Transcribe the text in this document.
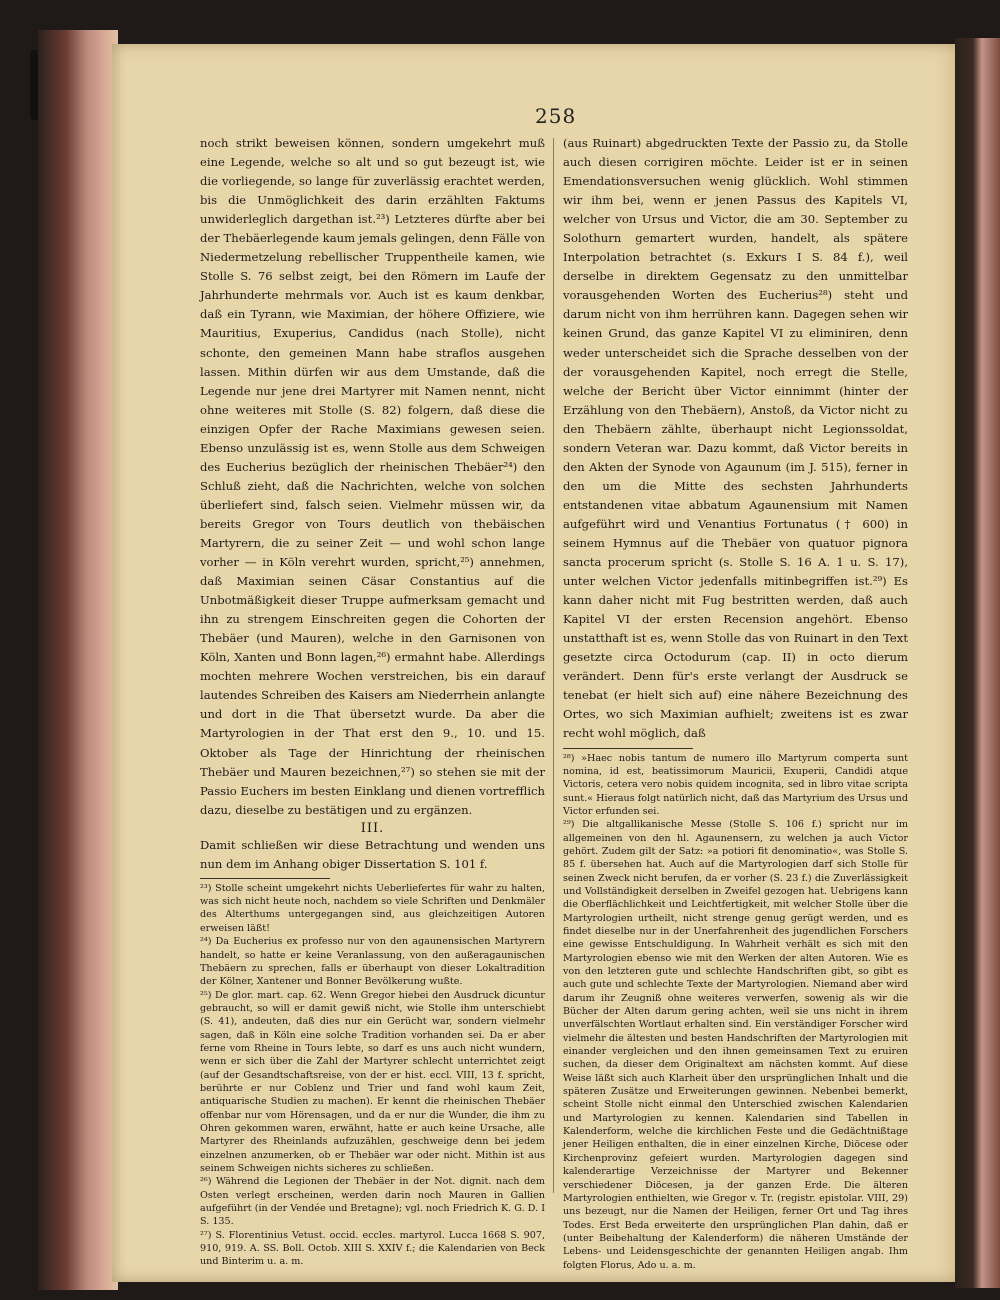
258

noch strikt beweisen können, sondern umgekehrt muß eine Legende, welche so alt und so gut bezeugt ist, wie die vorliegende, so lange für zuverlässig erachtet werden, bis die Unmöglichkeit des darin erzählten Faktums unwiderleglich dargethan ist.²³) Letzteres dürfte aber bei der Thebäerlegende kaum jemals gelingen, denn Fälle von Niedermetzelung rebellischer Truppentheile kamen, wie Stolle S. 76 selbst zeigt, bei den Römern im Laufe der Jahrhunderte mehrmals vor. Auch ist es kaum denkbar, daß ein Tyrann, wie Maximian, der höhere Offiziere, wie Mauritius, Exuperius, Candidus (nach Stolle), nicht schonte, den gemeinen Mann habe straflos ausgehen lassen. Mithin dürfen wir aus dem Umstande, daß die Legende nur jene drei Martyrer mit Namen nennt, nicht ohne weiteres mit Stolle (S. 82) folgern, daß diese die einzigen Opfer der Rache Maximians gewesen seien. Ebenso unzulässig ist es, wenn Stolle aus dem Schweigen des Eucherius bezüglich der rheinischen Thebäer²⁴) den Schluß zieht, daß die Nachrichten, welche von solchen überliefert sind, falsch seien. Vielmehr müssen wir, da bereits Gregor von Tours deutlich von thebäischen Martyrern, die zu seiner Zeit — und wohl schon lange vorher — in Köln verehrt wurden, spricht,²⁵) annehmen, daß Maximian seinen Cäsar Constantius auf die Unbotmäßigkeit dieser Truppe aufmerksam gemacht und ihn zu strengem Einschreiten gegen die Cohorten der Thebäer (und Mauren), welche in den Garnisonen von Köln, Xanten und Bonn lagen,²⁶) ermahnt habe. Allerdings mochten mehrere Wochen verstreichen, bis ein darauf lautendes Schreiben des Kaisers am Niederrhein anlangte und dort in die That übersetzt wurde. Da aber die Martyrologien in der That erst den 9., 10. und 15. Oktober als Tage der Hinrichtung der rheinischen Thebäer und Mauren bezeichnen,²⁷) so stehen sie mit der Passio Euchers im besten Einklang und dienen vortrefflich dazu, dieselbe zu bestätigen und zu ergänzen.

III.

Damit schließen wir diese Betrachtung und wenden uns nun dem im Anhang obiger Dissertation S. 101 f.

²³) Stolle scheint umgekehrt nichts Ueberliefertes für wahr zu halten, was sich nicht heute noch, nachdem so viele Schriften und Denkmäler des Alterthums untergegangen sind, aus gleichzeitigen Autoren erweisen läßt!

²⁴) Da Eucherius ex professo nur von den agaunensischen Martyrern handelt, so hatte er keine Veranlassung, von den außeragaunischen Thebäern zu sprechen, falls er überhaupt von dieser Lokaltradition der Kölner, Xantener und Bonner Bevölkerung wußte.

²⁵) De glor. mart. cap. 62. Wenn Gregor hiebei den Ausdruck dicuntur gebraucht, so will er damit gewiß nicht, wie Stolle ihm unterschiebt (S. 41), andeuten, daß dies nur ein Gerücht war, sondern vielmehr sagen, daß in Köln eine solche Tradition vorhanden sei. Da er aber ferne vom Rheine in Tours lebte, so darf es uns auch nicht wundern, wenn er sich über die Zahl der Martyrer schlecht unterrichtet zeigt (auf der Gesandtschaftsreise, von der er hist. eccl. VIII, 13 f. spricht, berührte er nur Coblenz und Trier und fand wohl kaum Zeit, antiquarische Studien zu machen). Er kennt die rheinischen Thebäer offenbar nur vom Hörensagen, und da er nur die Wunder, die ihm zu Ohren gekommen waren, erwähnt, hatte er auch keine Ursache, alle Martyrer des Rheinlands aufzuzählen, geschweige denn bei jedem einzelnen anzumerken, ob er Thebäer war oder nicht. Mithin ist aus seinem Schweigen nichts sicheres zu schließen.

²⁶) Während die Legionen der Thebäer in der Not. dignit. nach dem Osten verlegt erscheinen, werden darin noch Mauren in Gallien aufgeführt (in der Vendée und Bretagne); vgl. noch Friedrich K. G. D. I S. 135.

²⁷) S. Florentinius Vetust. occid. eccles. martyrol. Lucca 1668 S. 907, 910, 919. A. SS. Boll. Octob. XIII S. XXIV f.; die Kalendarien von Beck und Binterim u. a. m.

(aus Ruinart) abgedruckten Texte der Passio zu, da Stolle auch diesen corrigiren möchte. Leider ist er in seinen Emendationsversuchen wenig glücklich. Wohl stimmen wir ihm bei, wenn er jenen Passus des Kapitels VI, welcher von Ursus und Victor, die am 30. September zu Solothurn gemartert wurden, handelt, als spätere Interpolation betrachtet (s. Exkurs I S. 84 f.), weil derselbe in direktem Gegensatz zu den unmittelbar vorausgehenden Worten des Eucherius²⁸) steht und darum nicht von ihm herrühren kann. Dagegen sehen wir keinen Grund, das ganze Kapitel VI zu eliminiren, denn weder unterscheidet sich die Sprache desselben von der der vorausgehenden Kapitel, noch erregt die Stelle, welche der Bericht über Victor einnimmt (hinter der Erzählung von den Thebäern), Anstoß, da Victor nicht zu den Thebäern zählte, überhaupt nicht Legionssoldat, sondern Veteran war. Dazu kommt, daß Victor bereits in den Akten der Synode von Agaunum (im J. 515), ferner in den um die Mitte des sechsten Jahrhunderts entstandenen vitae abbatum Agaunensium mit Namen aufgeführt wird und Venantius Fortunatus († 600) in seinem Hymnus auf die Thebäer von quatuor pignora sancta procerum spricht (s. Stolle S. 16 A. 1 u. S. 17), unter welchen Victor jedenfalls mitinbegriffen ist.²⁹) Es kann daher nicht mit Fug bestritten werden, daß auch Kapitel VI der ersten Recension angehört. Ebenso unstatthaft ist es, wenn Stolle das von Ruinart in den Text gesetzte circa Octodurum (cap. II) in octo dierum verändert. Denn für's erste verlangt der Ausdruck se tenebat (er hielt sich auf) eine nähere Bezeichnung des Ortes, wo sich Maximian aufhielt; zweitens ist es zwar recht wohl möglich, daß

²⁸) »Haec nobis tantum de numero illo Martyrum comperta sunt nomina, id est, beatissimorum Mauricii, Exuperii, Candidi atque Victoris, cetera vero nobis quidem incognita, sed in libro vitae scripta sunt.« Hieraus folgt natürlich nicht, daß das Martyrium des Ursus und Victor erfunden sei.

²⁹) Die altgallikanische Messe (Stolle S. 106 f.) spricht nur im allgemeinen von den hl. Agaunensern, zu welchen ja auch Victor gehört. Zudem gilt der Satz: »a potiori fit denominatio«, was Stolle S. 85 f. übersehen hat. Auch auf die Martyrologien darf sich Stolle für seinen Zweck nicht berufen, da er vorher (S. 23 f.) die Zuverlässigkeit und Vollständigkeit derselben in Zweifel gezogen hat. Uebrigens kann die Oberflächlichkeit und Leichtfertigkeit, mit welcher Stolle über die Martyrologien urtheilt, nicht strenge genug gerügt werden, und es findet dieselbe nur in der Unerfahrenheit des jugendlichen Forschers eine gewisse Entschuldigung. In Wahrheit verhält es sich mit den Martyrologien ebenso wie mit den Werken der alten Autoren. Wie es von den letzteren gute und schlechte Handschriften gibt, so gibt es auch gute und schlechte Texte der Martyrologien. Niemand aber wird darum ihr Zeugniß ohne weiteres verwerfen, sowenig als wir die Bücher der Alten darum gering achten, weil sie uns nicht in ihrem unverfälschten Wortlaut erhalten sind. Ein verständiger Forscher wird vielmehr die ältesten und besten Handschriften der Martyrologien mit einander vergleichen und den ihnen gemeinsamen Text zu eruiren suchen, da dieser dem Originaltext am nächsten kommt. Auf diese Weise läßt sich auch Klarheit über den ursprünglichen Inhalt und die späteren Zusätze und Erweiterungen gewinnen. Nebenbei bemerkt, scheint Stolle nicht einmal den Unterschied zwischen Kalendarien und Martyrologien zu kennen. Kalendarien sind Tabellen in Kalenderform, welche die kirchlichen Feste und die Gedächtnißtage jener Heiligen enthalten, die in einer einzelnen Kirche, Diöcese oder Kirchenprovinz gefeiert wurden. Martyrologien dagegen sind kalenderartige Verzeichnisse der Martyrer und Bekenner verschiedener Diöcesen, ja der ganzen Erde. Die älteren Martyrologien enthielten, wie Gregor v. Tr. (registr. epistolar. VIII, 29) uns bezeugt, nur die Namen der Heiligen, ferner Ort und Tag ihres Todes. Erst Beda erweiterte den ursprünglichen Plan dahin, daß er (unter Beibehaltung der Kalenderform) die näheren Umstände der Lebens- und Leidensgeschichte der genannten Heiligen angab. Ihm folgten Florus, Ado u. a. m.
